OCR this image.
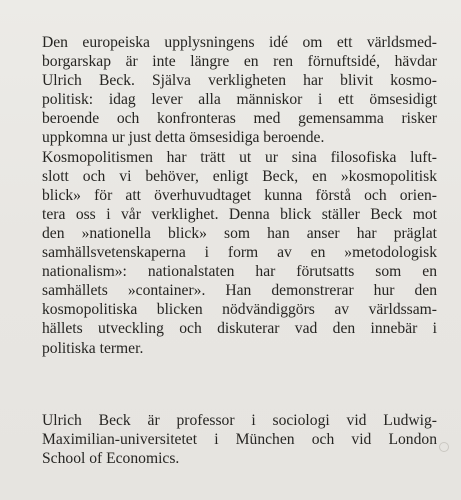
Den europeiska upplysningens idé om ett världsmed-
borgarskap är inte längre en ren förnuftsidé, hävdar
Ulrich Beck. Själva verkligheten har blivit kosmo-
politisk: idag lever alla människor i ett ömsesidigt
beroende och konfronteras med gemensamma risker
uppkomna ur just detta ömsesidiga beroende.
Kosmopolitismen har trätt ut ur sina filosofiska luft-
slott och vi behöver, enligt Beck, en »kosmopolitisk
blick» för att överhuvudtaget kunna förstå och orien-
tera oss i vår verklighet. Denna blick ställer Beck mot
den »nationella blick» som han anser har präglat
samhällsvetenskaperna i form av en »metodologisk
nationalism»: nationalstaten har förutsatts som en
samhällets »container». Han demonstrerar hur den
kosmopolitiska blicken nödvändiggörs av världssam-
hällets utveckling och diskuterar vad den innebär i
politiska termer.

Ulrich Beck är professor i sociologi vid Ludwig-
Maximilian-universitetet i München och vid London
School of Economics.
